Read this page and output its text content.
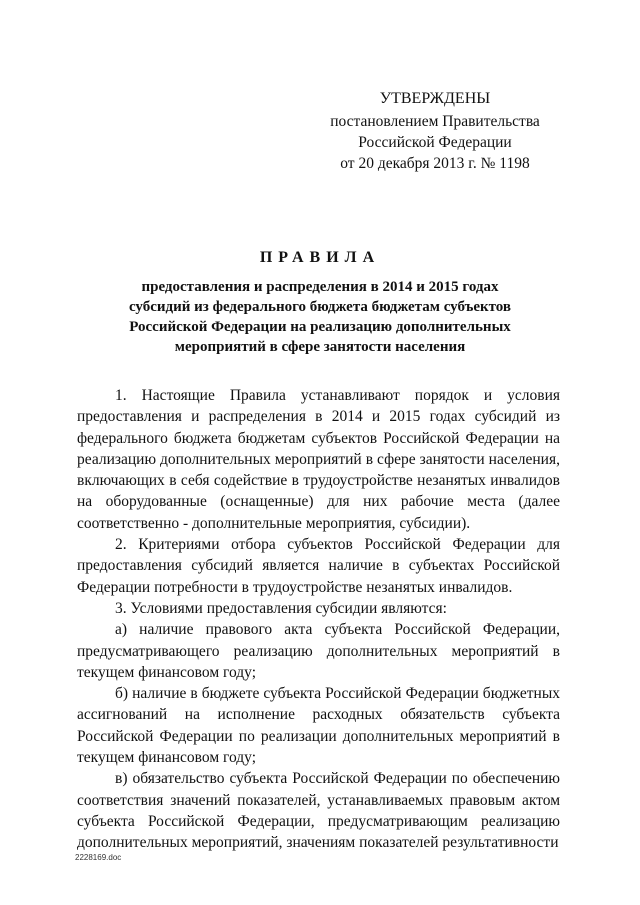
УТВЕРЖДЕНЫ
постановлением Правительства
Российской Федерации
от 20 декабря 2013 г. № 1198
ПРАВИЛА
предоставления и распределения в 2014 и 2015 годах
субсидий из федерального бюджета бюджетам субъектов
Российской Федерации на реализацию дополнительных
мероприятий в сфере занятости населения

1. Настоящие Правила устанавливают порядок и условия предоставления и распределения в 2014 и 2015 годах субсидий из федерального бюджета бюджетам субъектов Российской Федерации на реализацию дополнительных мероприятий в сфере занятости населения, включающих в себя содействие в трудоустройстве незанятых инвалидов на оборудованные (оснащенные) для них рабочие места (далее соответственно - дополнительные мероприятия, субсидии).

2. Критериями отбора субъектов Российской Федерации для предоставления субсидий является наличие в субъектах Российской Федерации потребности в трудоустройстве незанятых инвалидов.

3. Условиями предоставления субсидии являются:

а) наличие правового акта субъекта Российской Федерации, предусматривающего реализацию дополнительных мероприятий в текущем финансовом году;

б) наличие в бюджете субъекта Российской Федерации бюджетных ассигнований на исполнение расходных обязательств субъекта Российской Федерации по реализации дополнительных мероприятий в текущем финансовом году;

в) обязательство субъекта Российской Федерации по обеспечению соответствия значений показателей, устанавливаемых правовым актом субъекта Российской Федерации, предусматривающим реализацию дополнительных мероприятий, значениям показателей результативности

2228169.doc
